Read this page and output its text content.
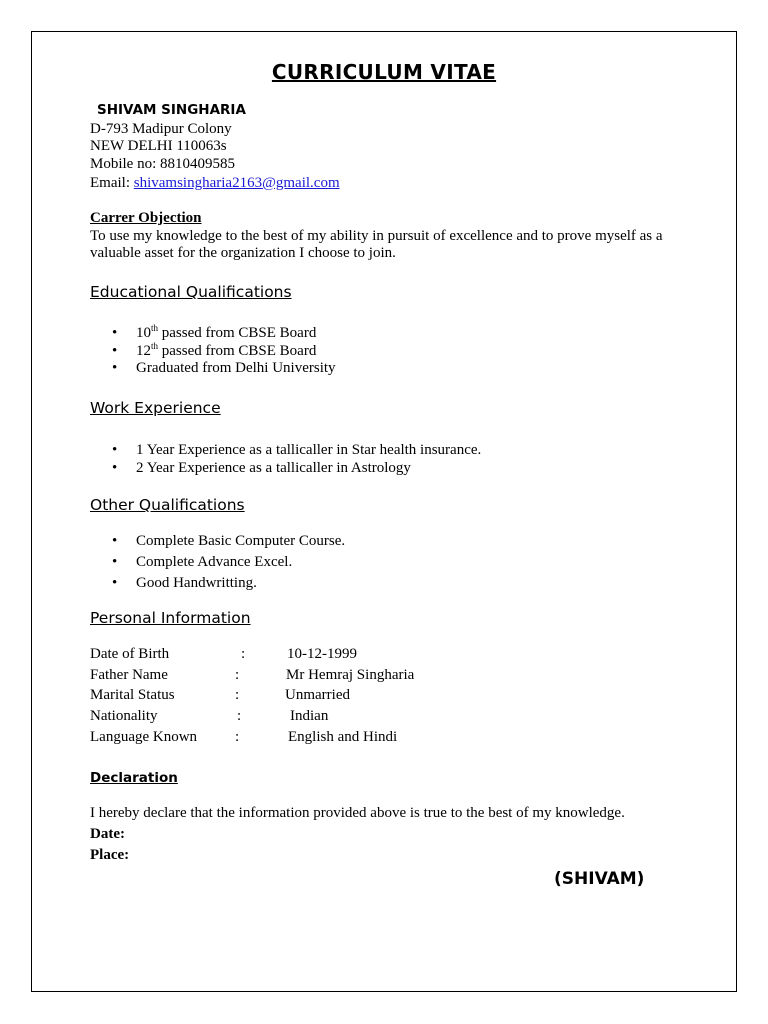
CURRICULUM VITAE
SHIVAM SINGHARIA
D-793 Madipur Colony
NEW DELHI 110063s
Mobile no: 8810409585
Email: shivamsingharia2163@gmail.com
Carrer Objection
To use my knowledge to the best of my ability in pursuit of excellence and to prove myself as a valuable asset for the organization I choose to join.
Educational Qualifications
• 10th passed from CBSE Board
• 12th passed from CBSE Board
• Graduated from Delhi University
Work Experience
• 1 Year Experience as a tallicaller in Star health insurance.
• 2 Year Experience as a tallicaller in Astrology
Other Qualifications
• Complete Basic Computer Course.
• Complete Advance Excel.
• Good Handwritting.
Personal Information
Date of Birth	:	10-12-1999
Father Name	:	Mr Hemraj Singharia
Marital Status	:	Unmarried
Nationality	:	Indian
Language Known	:	English and Hindi
Declaration
I hereby declare that the information provided above is true to the best of my knowledge.
Date:
Place:
(SHIVAM)
